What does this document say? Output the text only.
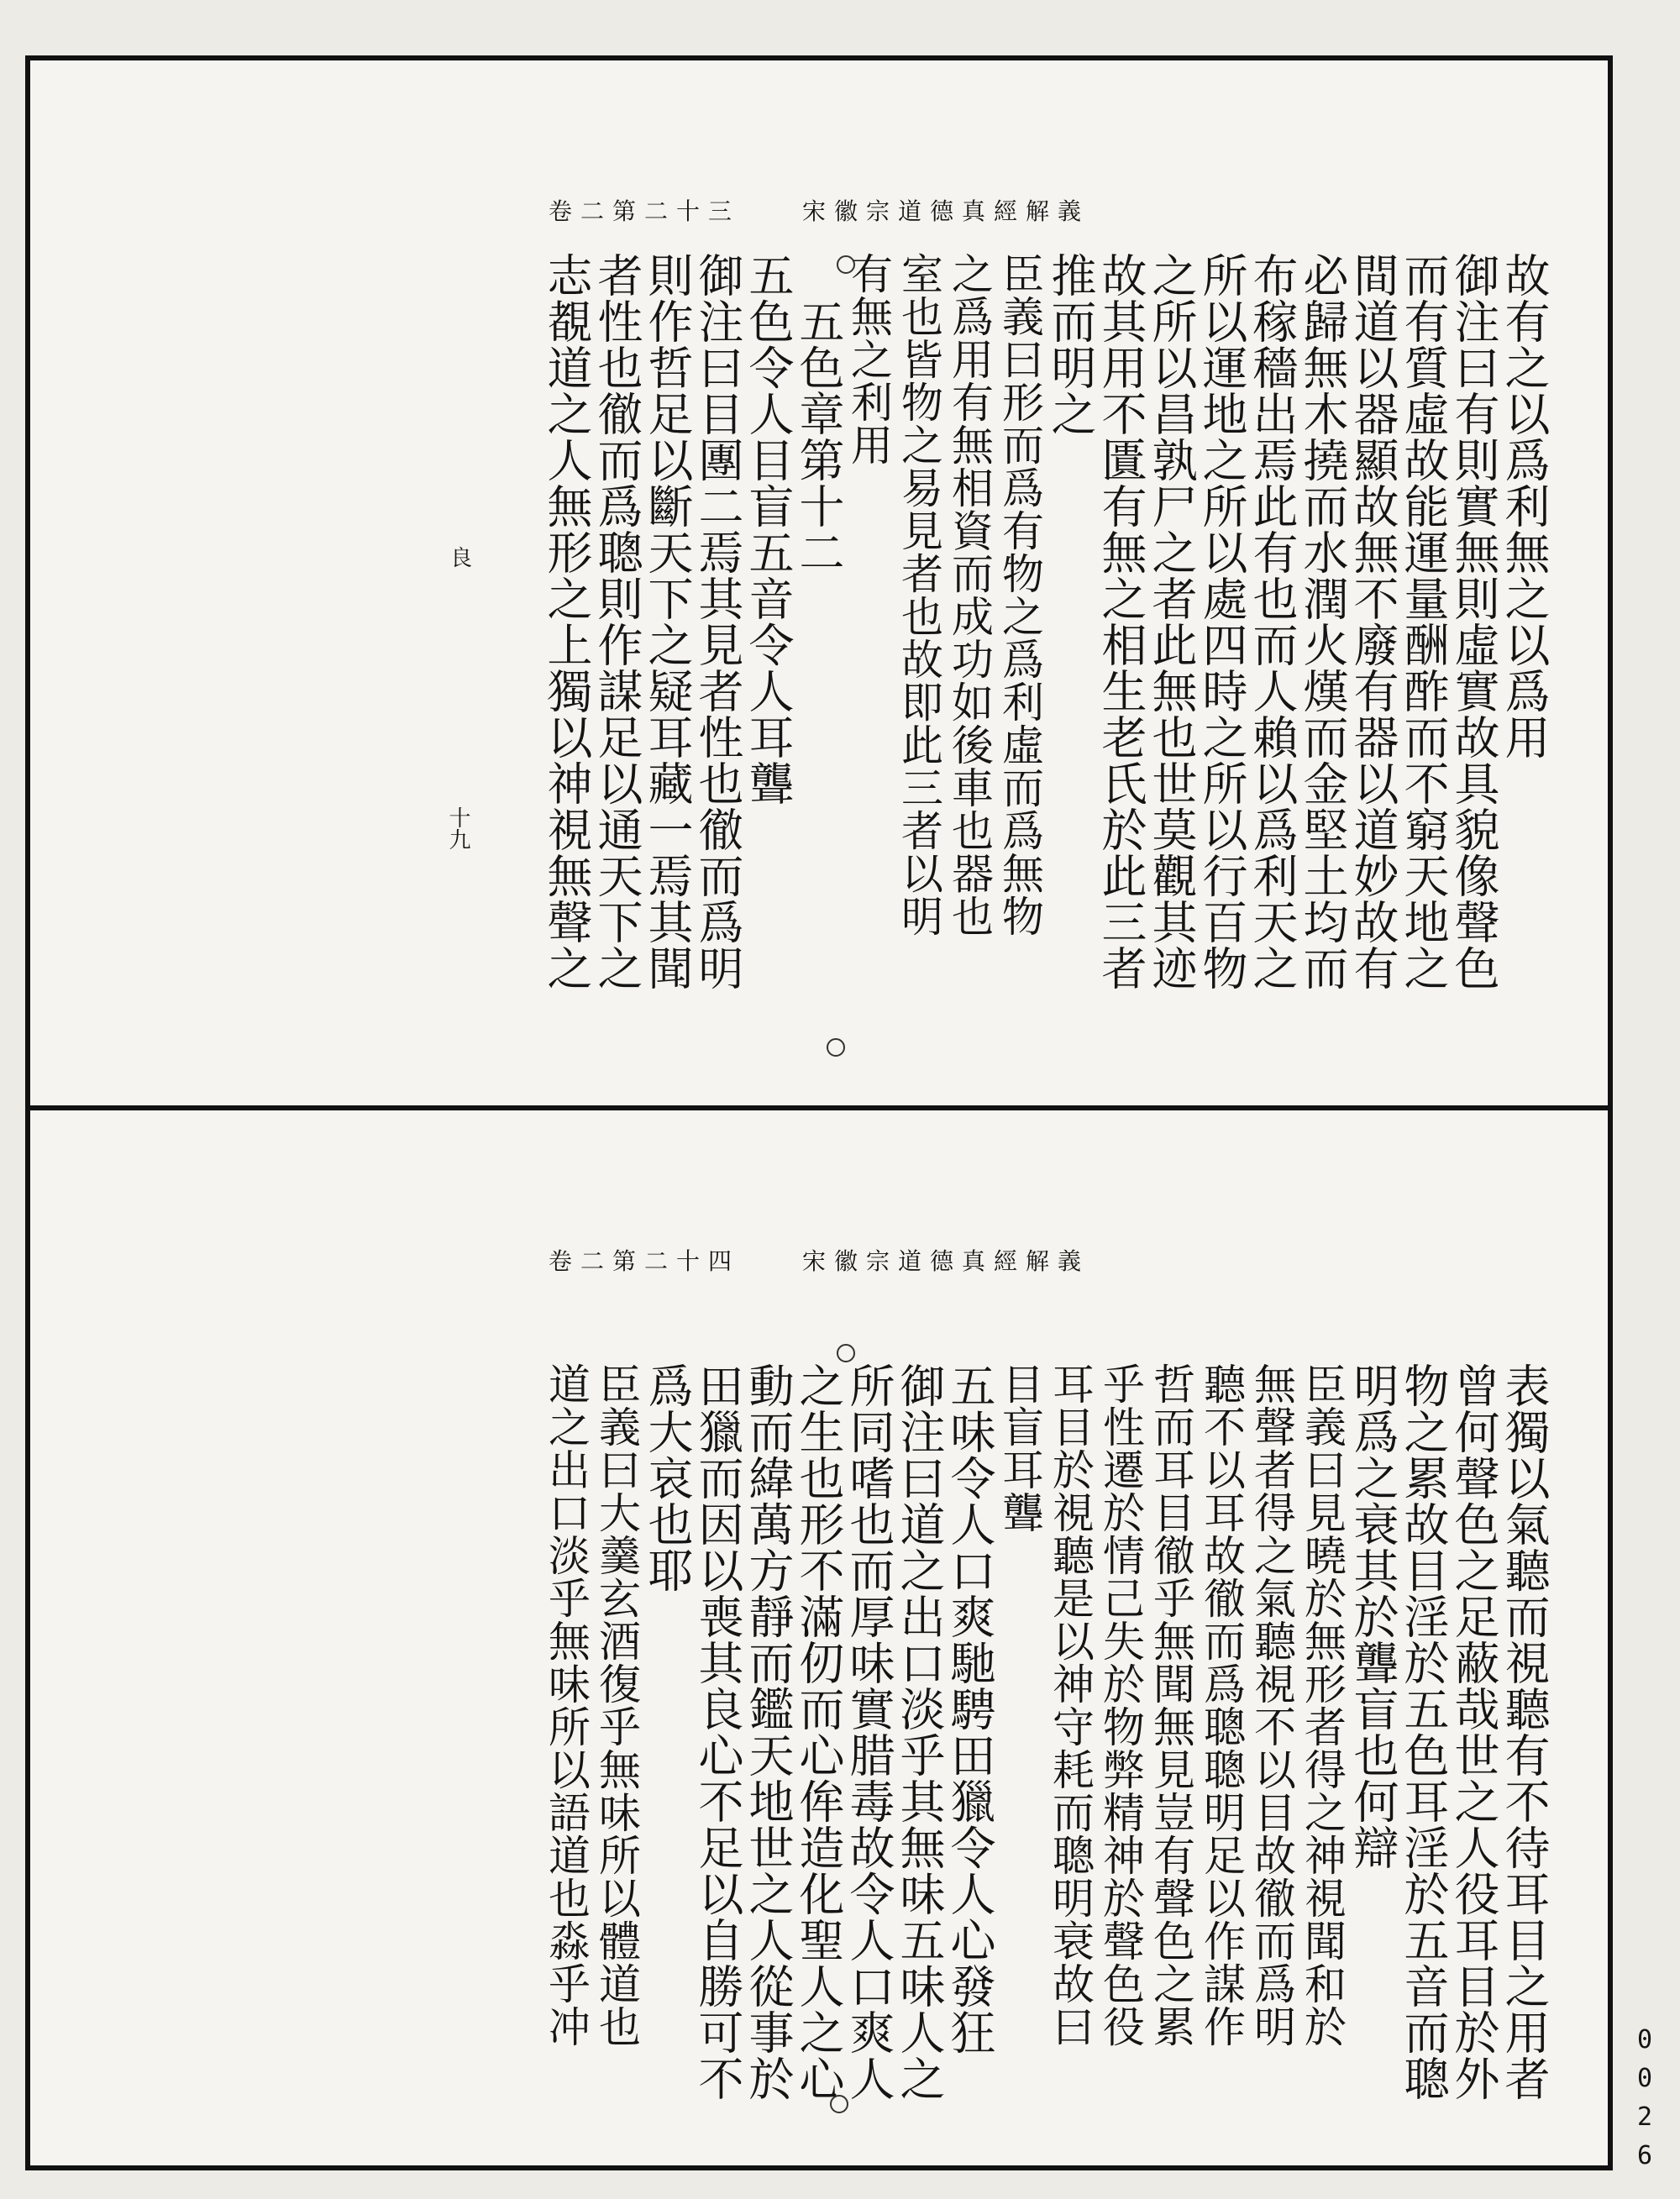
宋徽宗道德真經解義
卷二第二十三
故有之以爲利無之以爲用
御注曰有則實無則虛實故具貌像聲色
而有質虛故能運量酬酢而不窮天地之
間道以器顯故無不廢有器以道妙故有
必歸無木撓而水潤火熯而金堅土均而
布稼穡出焉此有也而人賴以爲利天之
所以運地之所以處四時之所以行百物
之所以昌孰尸之者此無也世莫觀其迹
故其用不匱有無之相生老氏於此三者
推而明之
臣義曰形而爲有物之爲利虛而爲無物
之爲用有無相資而成功如後車也器也
室也皆物之易見者也故即此三者以明
有無之利用
　五色章第十二
五色令人目盲五音令人耳聾
御注曰目團二焉其見者性也徹而爲明
則作哲足以斷天下之疑耳藏一焉其聞
者性也徹而爲聰則作謀足以通天下之
志覩道之人無形之上獨以神視無聲之
良
十九
宋徽宗道德真經解義
卷二第二十四
表獨以氣聽而視聽有不待耳目之用者
曾何聲色之足蔽哉世之人役耳目於外
物之累故目淫於五色耳淫於五音而聰
明爲之衰其於聾盲也何辯
臣義曰見曉於無形者得之神視聞和於
無聲者得之氣聽視不以目故徹而爲明
聽不以耳故徹而爲聰聰明足以作謀作
哲而耳目徹乎無聞無見豈有聲色之累
乎性遷於情己失於物弊精神於聲色役
耳目於視聽是以神守耗而聰明衰故曰
目盲耳聾
五味令人口爽馳騁田獵令人心發狂
御注曰道之出口淡乎其無味五味人之
所同嗜也而厚味實腊毒故令人口爽人
之生也形不滿仞而心侔造化聖人之心
動而緯萬方靜而鑑天地世之人從事於
田獵而因以喪其良心不足以自勝可不
爲大哀也耶
臣義曰大羹玄酒復乎無味所以體道也
道之出口淡乎無味所以語道也淼乎冲	0
0
2
6
